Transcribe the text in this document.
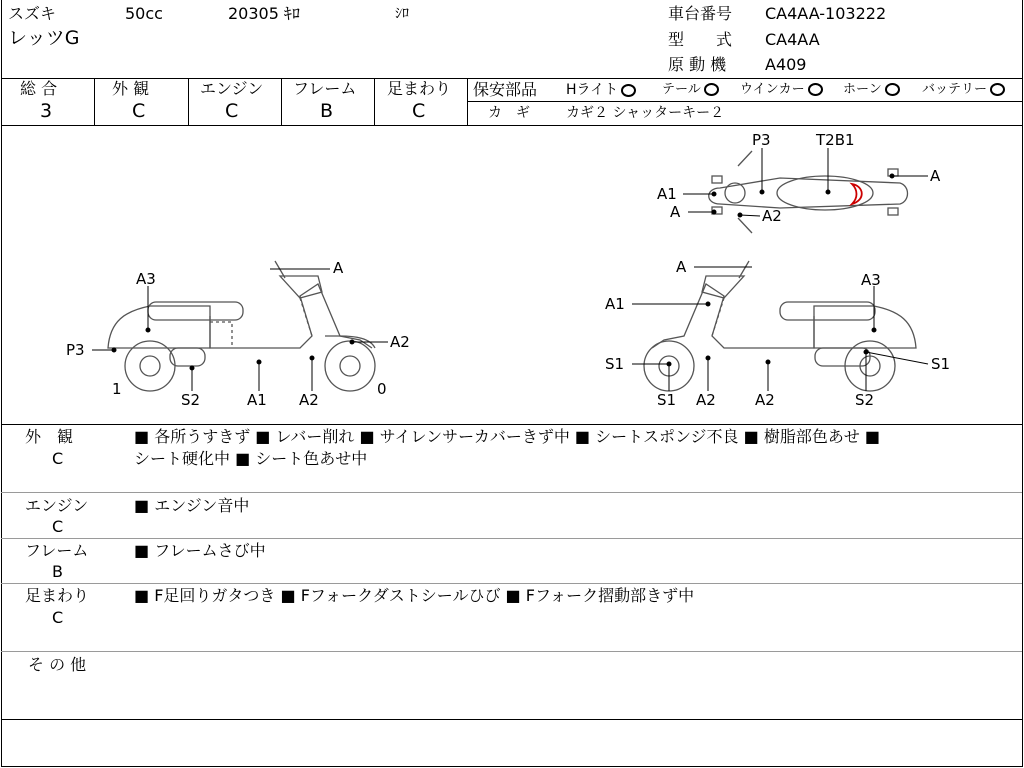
スズキ	50cc	20305 ｷﾛ	ｼﾛ
レッツG
車台番号 CA4AA-103222
型　　式 CA4AA
原 動 機 A409
総 合
3
外 観
C
エンジン
C
フレーム
B
足まわり
C
保安部品 Hライト	テール	ウインカー	ホーン	バッテリー
カ　ギ	カギ２ シャッターキー２
A
A3
P3	A2
1
S2	A1 A2
0
A
A1
A3
S1	S1
S1 A2	A2	S2
P3	T2B1
A1
A	A2
A
外　観
C
■ 各所うすきず ■ レバー削れ ■ サイレンサーカバーきず中 ■ シートスポンジ不良 ■ 樹脂部色あせ ■
シート硬化中 ■ シート色あせ中
エンジン
C
■ エンジン音中
フレーム
B
■ フレームさび中
足まわり
C
■ F足回りガタつき ■ Fフォークダストシールひび ■ Fフォーク摺動部きず中
そ の 他
